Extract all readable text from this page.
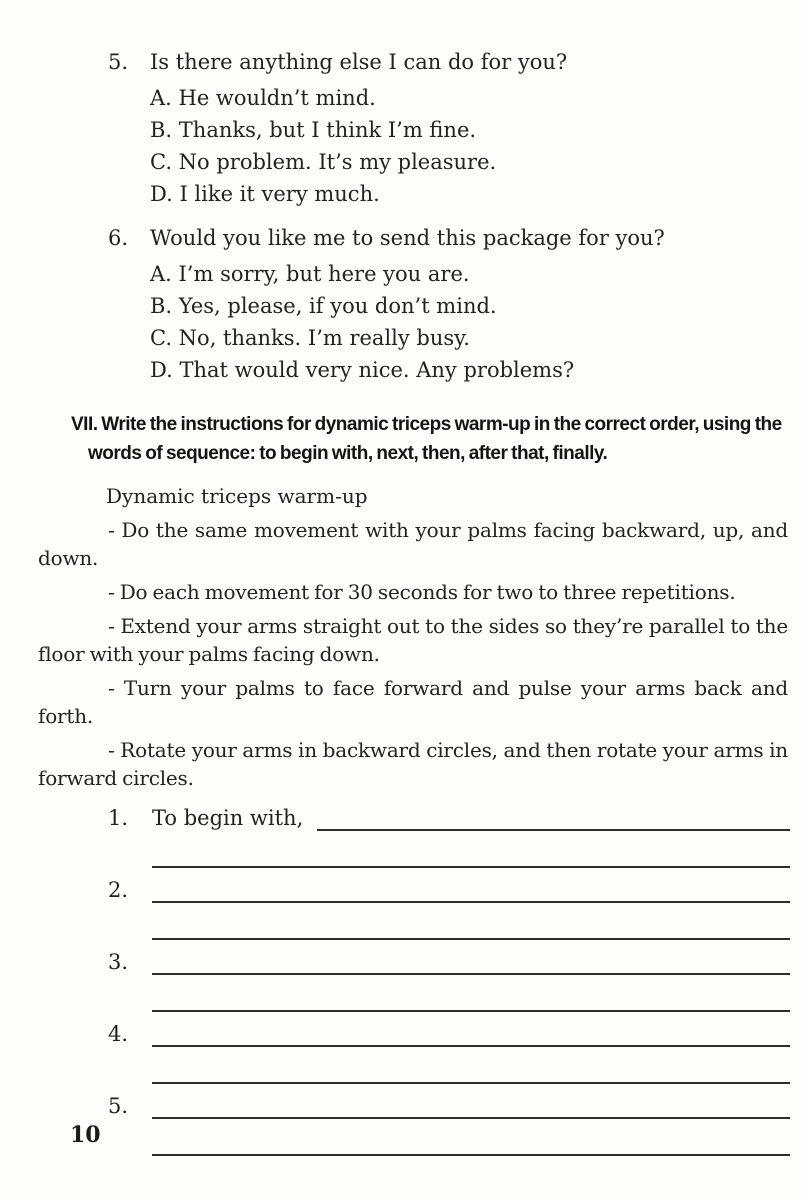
5.	Is there anything else I can do for you?
A. He wouldn’t mind.
B. Thanks, but I think I’m fine.
C. No problem. It’s my pleasure.
D. I like it very much.
6.	Would you like me to send this package for you?
A. I’m sorry, but here you are.
B. Yes, please, if you don’t mind.
C. No, thanks. I’m really busy.
D. That would very nice. Any problems?
VII. Write the instructions for dynamic triceps warm-up in the correct order, using the words of sequence: to begin with, next, then, after that, finally.
Dynamic triceps warm-up

- Do the same movement with your palms facing backward, up, and down.

- Do each movement for 30 seconds for two to three repetitions.

- Extend your arms straight out to the sides so they’re parallel to the floor with your palms facing down.

- Turn your palms to face forward and pulse your arms back and forth.

- Rotate your arms in backward circles, and then rotate your arms in forward circles.

1.	To begin with,
2.
3.
4.
5.
10
